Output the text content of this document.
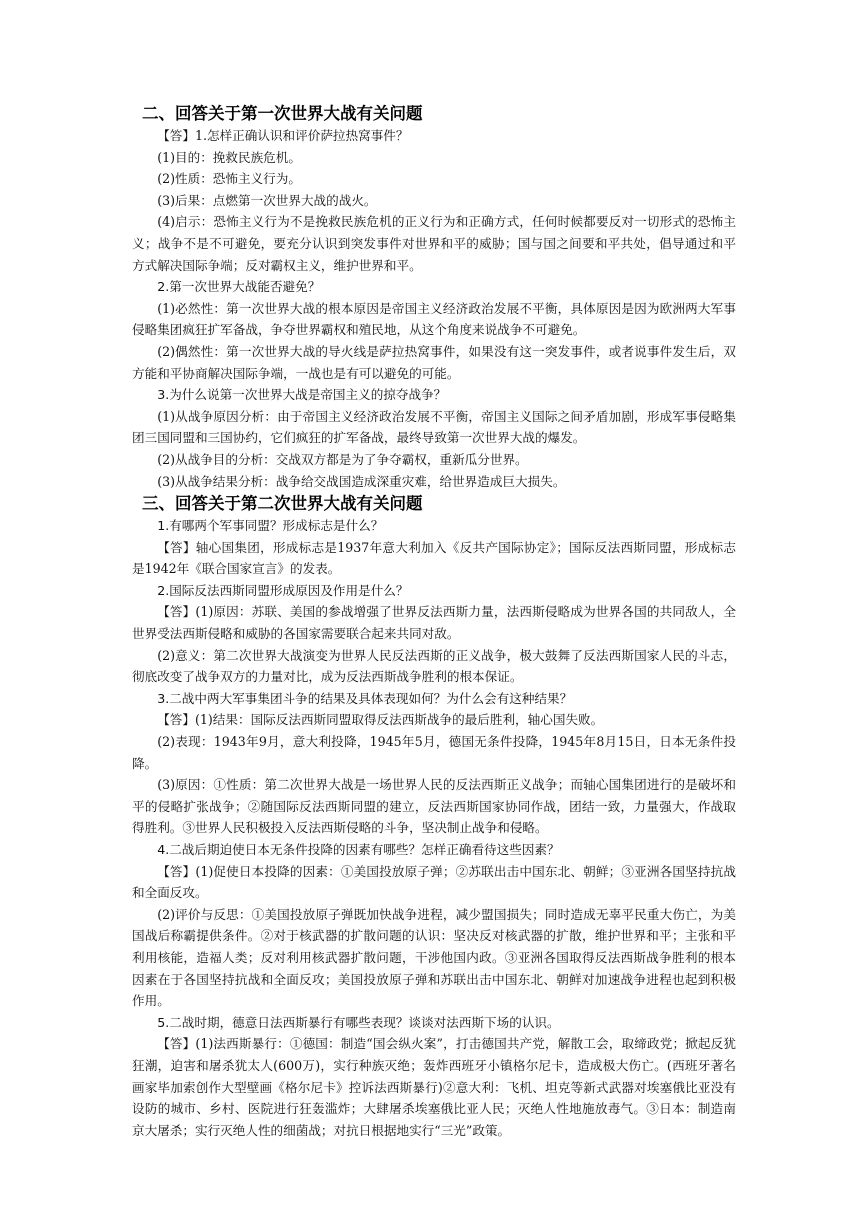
二、回答关于第一次世界大战有关问题

【答】1.怎样正确认识和评价萨拉热窝事件？

(1)目的：挽救民族危机。

(2)性质：恐怖主义行为。

(3)后果：点燃第一次世界大战的战火。

(4)启示：恐怖主义行为不是挽救民族危机的正义行为和正确方式，任何时候都要反对一切形式的恐怖主义；战争不是不可避免，要充分认识到突发事件对世界和平的威胁；国与国之间要和平共处，倡导通过和平方式解决国际争端；反对霸权主义，维护世界和平。

2.第一次世界大战能否避免？

(1)必然性：第一次世界大战的根本原因是帝国主义经济政治发展不平衡，具体原因是因为欧洲两大军事侵略集团疯狂扩军备战，争夺世界霸权和殖民地，从这个角度来说战争不可避免。

(2)偶然性：第一次世界大战的导火线是萨拉热窝事件，如果没有这一突发事件，或者说事件发生后，双方能和平协商解决国际争端，一战也是有可以避免的可能。

3.为什么说第一次世界大战是帝国主义的掠夺战争？

(1)从战争原因分析：由于帝国主义经济政治发展不平衡，帝国主义国际之间矛盾加剧，形成军事侵略集团三国同盟和三国协约，它们疯狂的扩军备战，最终导致第一次世界大战的爆发。

(2)从战争目的分析：交战双方都是为了争夺霸权，重新瓜分世界。

(3)从战争结果分析：战争给交战国造成深重灾难，给世界造成巨大损失。

三、回答关于第二次世界大战有关问题

1.有哪两个军事同盟？形成标志是什么？

【答】轴心国集团，形成标志是1937年意大利加入《反共产国际协定》；国际反法西斯同盟，形成标志是1942年《联合国家宣言》的发表。

2.国际反法西斯同盟形成原因及作用是什么？

【答】(1)原因：苏联、美国的参战增强了世界反法西斯力量，法西斯侵略成为世界各国的共同敌人，全世界受法西斯侵略和威胁的各国家需要联合起来共同对敌。

(2)意义：第二次世界大战演变为世界人民反法西斯的正义战争，极大鼓舞了反法西斯国家人民的斗志，彻底改变了战争双方的力量对比，成为反法西斯战争胜利的根本保证。

3.二战中两大军事集团斗争的结果及具体表现如何？为什么会有这种结果？

【答】(1)结果：国际反法西斯同盟取得反法西斯战争的最后胜利，轴心国失败。

(2)表现：1943年9月，意大利投降，1945年5月，德国无条件投降，1945年8月15日，日本无条件投降。

(3)原因：①性质：第二次世界大战是一场世界人民的反法西斯正义战争；而轴心国集团进行的是破坏和平的侵略扩张战争；②随国际反法西斯同盟的建立，反法西斯国家协同作战，团结一致，力量强大，作战取得胜利。③世界人民积极投入反法西斯侵略的斗争，坚决制止战争和侵略。

4.二战后期迫使日本无条件投降的因素有哪些？怎样正确看待这些因素？

【答】(1)促使日本投降的因素：①美国投放原子弹；②苏联出击中国东北、朝鲜；③亚洲各国坚持抗战和全面反攻。

(2)评价与反思：①美国投放原子弹既加快战争进程，减少盟国损失；同时造成无辜平民重大伤亡，为美国战后称霸提供条件。②对于核武器的扩散问题的认识：坚决反对核武器的扩散，维护世界和平；主张和平利用核能，造福人类；反对利用核武器扩散问题，干涉他国内政。③亚洲各国取得反法西斯战争胜利的根本因素在于各国坚持抗战和全面反攻；美国投放原子弹和苏联出击中国东北、朝鲜对加速战争进程也起到积极作用。

5.二战时期，德意日法西斯暴行有哪些表现？谈谈对法西斯下场的认识。

【答】(1)法西斯暴行：①德国：制造“国会纵火案”，打击德国共产党，解散工会，取缔政党；掀起反犹狂潮，迫害和屠杀犹太人(600万)，实行种族灭绝；轰炸西班牙小镇格尔尼卡，造成极大伤亡。(西班牙著名画家毕加索创作大型壁画《格尔尼卡》控诉法西斯暴行)②意大利：飞机、坦克等新式武器对埃塞俄比亚没有设防的城市、乡村、医院进行狂轰滥炸；大肆屠杀埃塞俄比亚人民；灭绝人性地施放毒气。③日本：制造南京大屠杀；实行灭绝人性的细菌战；对抗日根据地实行“三光”政策。
